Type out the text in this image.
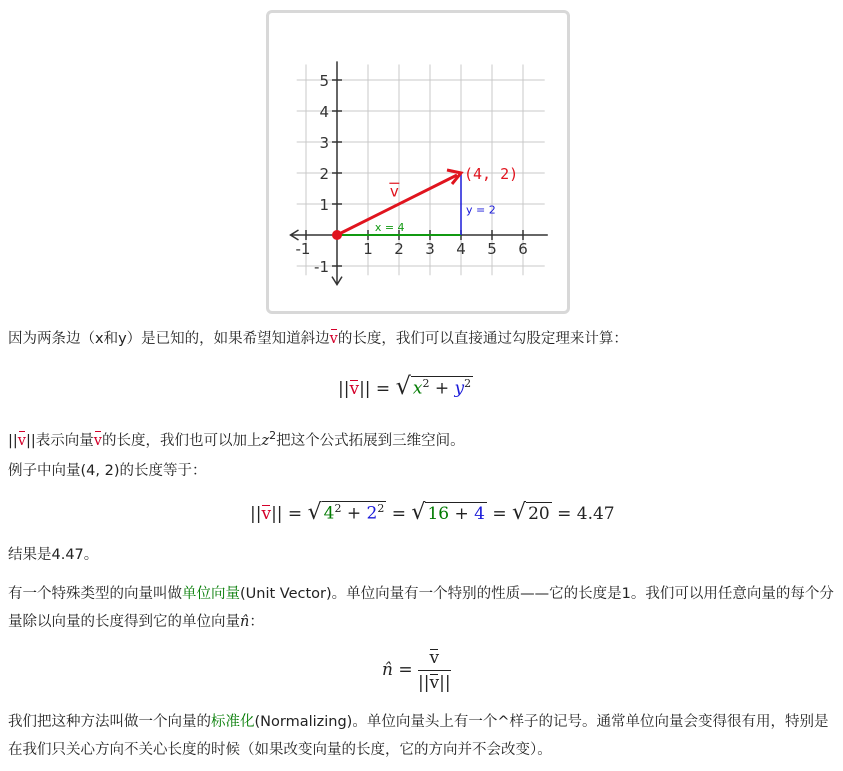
-1	1 2 3 4 5 6
5
4
3
2
1
-1
x = 4
y = 2
v
(4, 2)
因为两条边（x和y）是已知的，如果希望知道斜边v的长度，我们可以直接通过勾股定理来计算：
||v|| = √ $x^2 + y^2$
||v||表示向量v的长度，我们也可以加上$z^2$把这个公式拓展到三维空间。
例子中向量(4, 2)的长度等于：
||v|| = √ $4^2 + 2^2$ = √ 16 + 4 = √ 20 = 4.47
结果是4.47。
有一个特殊类型的向量叫做单位向量(Unit Vector)。单位向量有一个特别的性质——它的长度是1。我们可以用任意向量的每个分量除以向量的长度得到它的单位向量n̂：
n̂ = $\frac{v}{||v||}$
我们把这种方法叫做一个向量的标准化(Normalizing)。单位向量头上有一个^样子的记号。通常单位向量会变得很有用，特别是在我们只关心方向不关心长度的时候（如果改变向量的长度，它的方向并不会改变）。
